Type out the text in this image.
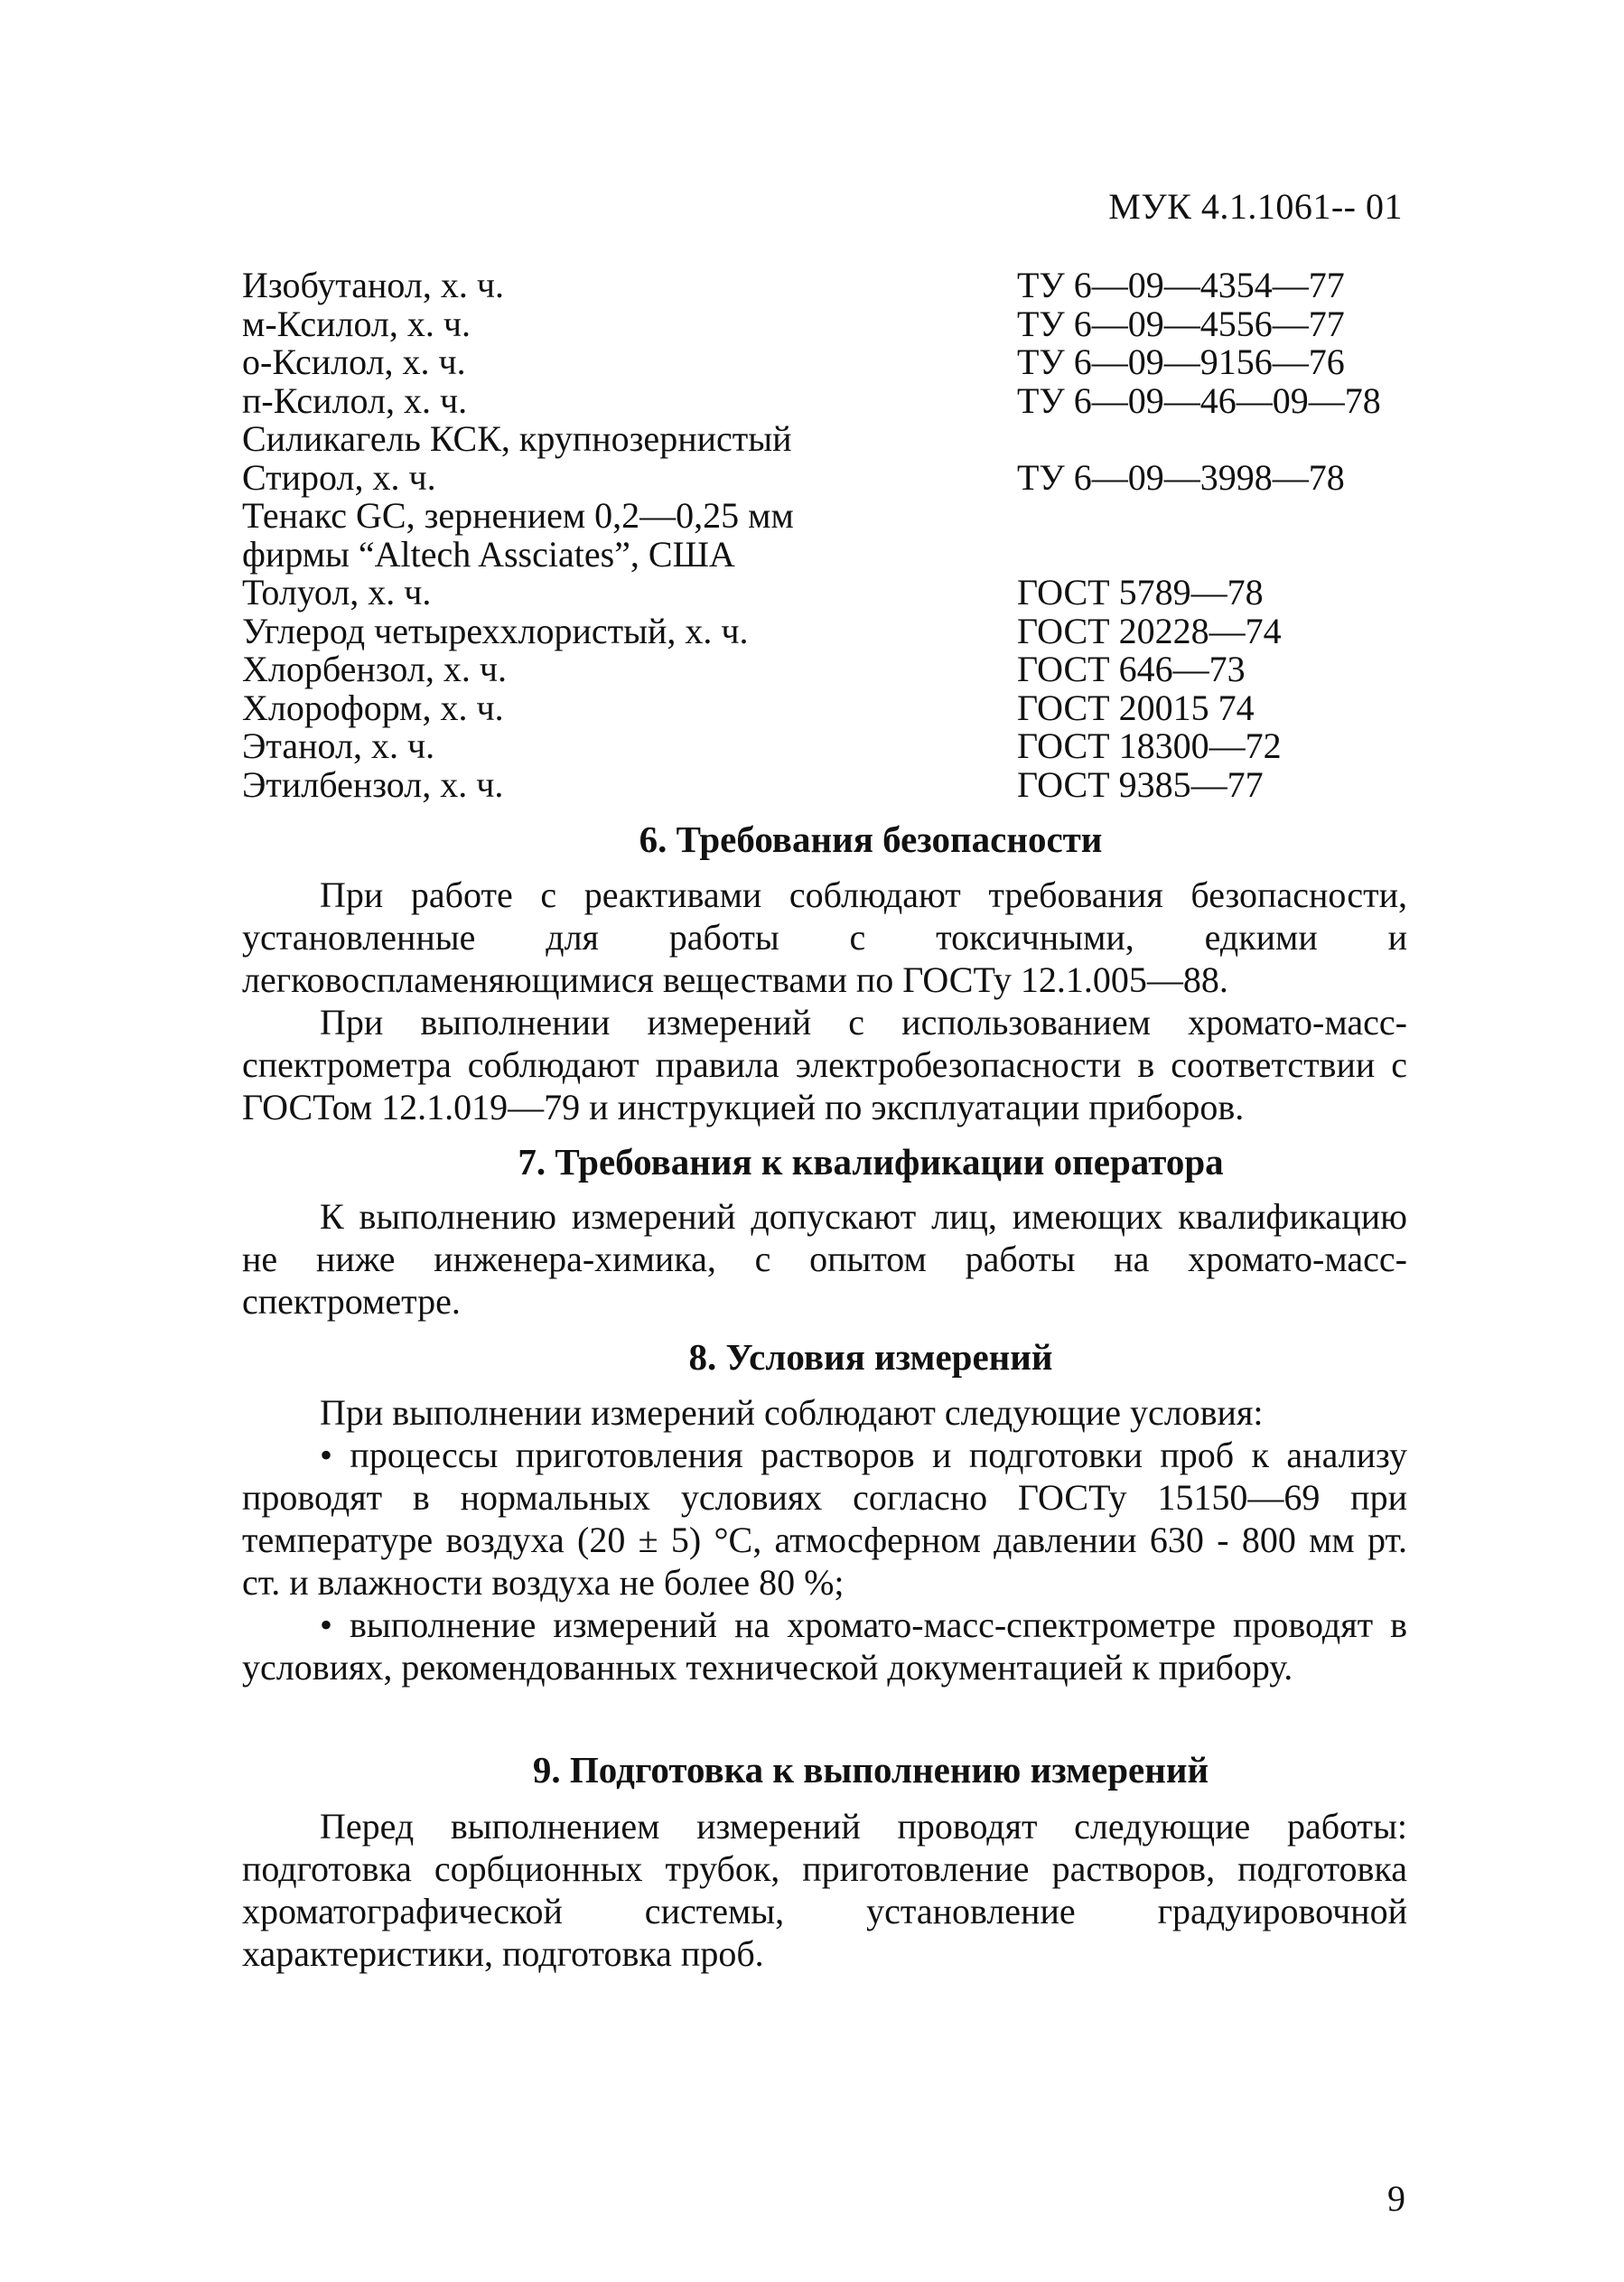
МУК 4.1.1061-- 01
Изобутанол, х. ч.	ТУ 6—09—4354—77
м-Ксилол, х. ч.	ТУ 6—09—4556—77
о-Ксилол, х. ч.	ТУ 6—09—9156—76
п-Ксилол, х. ч.	ТУ 6—09—46—09—78
Силикагель КСК, крупнозернистый
Стирол, х. ч.	ТУ 6—09—3998—78
Тенакс GC, зернением 0,2—0,25 мм
фирмы “Altech Assciates”, США
Толуол, х. ч.	ГОСТ 5789—78
Углерод четыреххлористый, х. ч.	ГОСТ 20228—74
Хлорбензол, х. ч.	ГОСТ 646—73
Хлороформ, х. ч.	ГОСТ 20015 74
Этанол, х. ч.	ГОСТ 18300—72
Этилбензол, х. ч.	ГОСТ 9385—77
6. Требования безопасности

При работе с реактивами соблюдают требования безопасности, установленные для работы с токсичными, едкими и легковоспламеняющимися веществами по ГОСТу 12.1.005—88.

При выполнении измерений с использованием хромато-масс-спектрометра соблюдают правила электробезопасности в соответствии с ГОСТом 12.1.019—79 и инструкцией по эксплуатации приборов.

7. Требования к квалификации оператора

К выполнению измерений допускают лиц, имеющих квалификацию не ниже инженера-химика, с опытом работы на хромато-масс-спектрометре.

8. Условия измерений

При выполнении измерений соблюдают следующие условия:

• процессы приготовления растворов и подготовки проб к анализу проводят в нормальных условиях согласно ГОСТу 15150—69 при температуре воздуха (20 ± 5) °С, атмосферном давлении 630 - 800 мм рт. ст. и влажности воздуха не более 80 %;

• выполнение измерений на хромато-масс-спектрометре проводят в условиях, рекомендованных технической документацией к прибору.

9. Подготовка к выполнению измерений

Перед выполнением измерений проводят следующие работы: подготовка сорбционных трубок, приготовление растворов, подготовка хроматографической системы, установление градуировочной характеристики, подготовка проб.

9
